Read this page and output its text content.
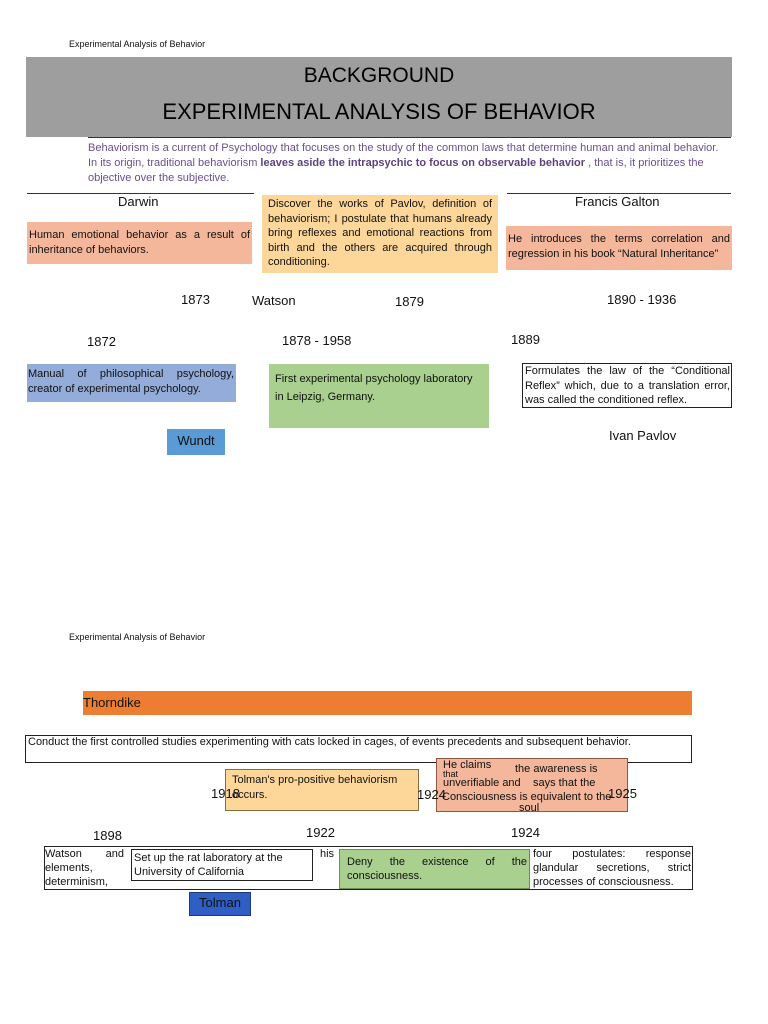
Experimental Analysis of Behavior
BACKGROUND
EXPERIMENTAL ANALYSIS OF BEHAVIOR
Behaviorism is a current of Psychology that focuses on the study of the common laws that determine human and animal behavior. In its origin, traditional behaviorism leaves aside the intrapsychic to focus on observable behavior , that is, it prioritizes the objective over the subjective.
Darwin
Human emotional behavior as a result of inheritance of behaviors.
Discover the works of Pavlov, definition of behaviorism; I postulate that humans already bring reflexes and emotional reactions from birth and the others are acquired through conditioning.
Francis Galton
He introduces the terms correlation and regression in his book “Natural Inheritance”
1873	Watson	1879	1890 - 1936
1872	1878 - 1958	1889
Manual of philosophical psychology, creator of experimental psychology.
First experimental psychology laboratory in Leipzig, Germany.
Formulates the law of the “Conditional Reflex” which, due to a translation error, was called the conditioned reflex.
Wundt	Ivan Pavlov
Experimental Analysis of Behavior
Thorndike
Conduct the first controlled studies experimenting with cats locked in cages, of events precedents and subsequent behavior.
Tolman's pro-positive behaviorism occurs.
He claims
that	the awareness is
unverifiable and says that the
Consciousness is equivalent to the
soul
1918	1924	1925
1898	1922	1924
Watson and elements, determinism,
his
Set up the rat laboratory at the University of California
Deny the existence of the consciousness.
four postulates: response glandular secretions, strict processes of consciousness.
Tolman
